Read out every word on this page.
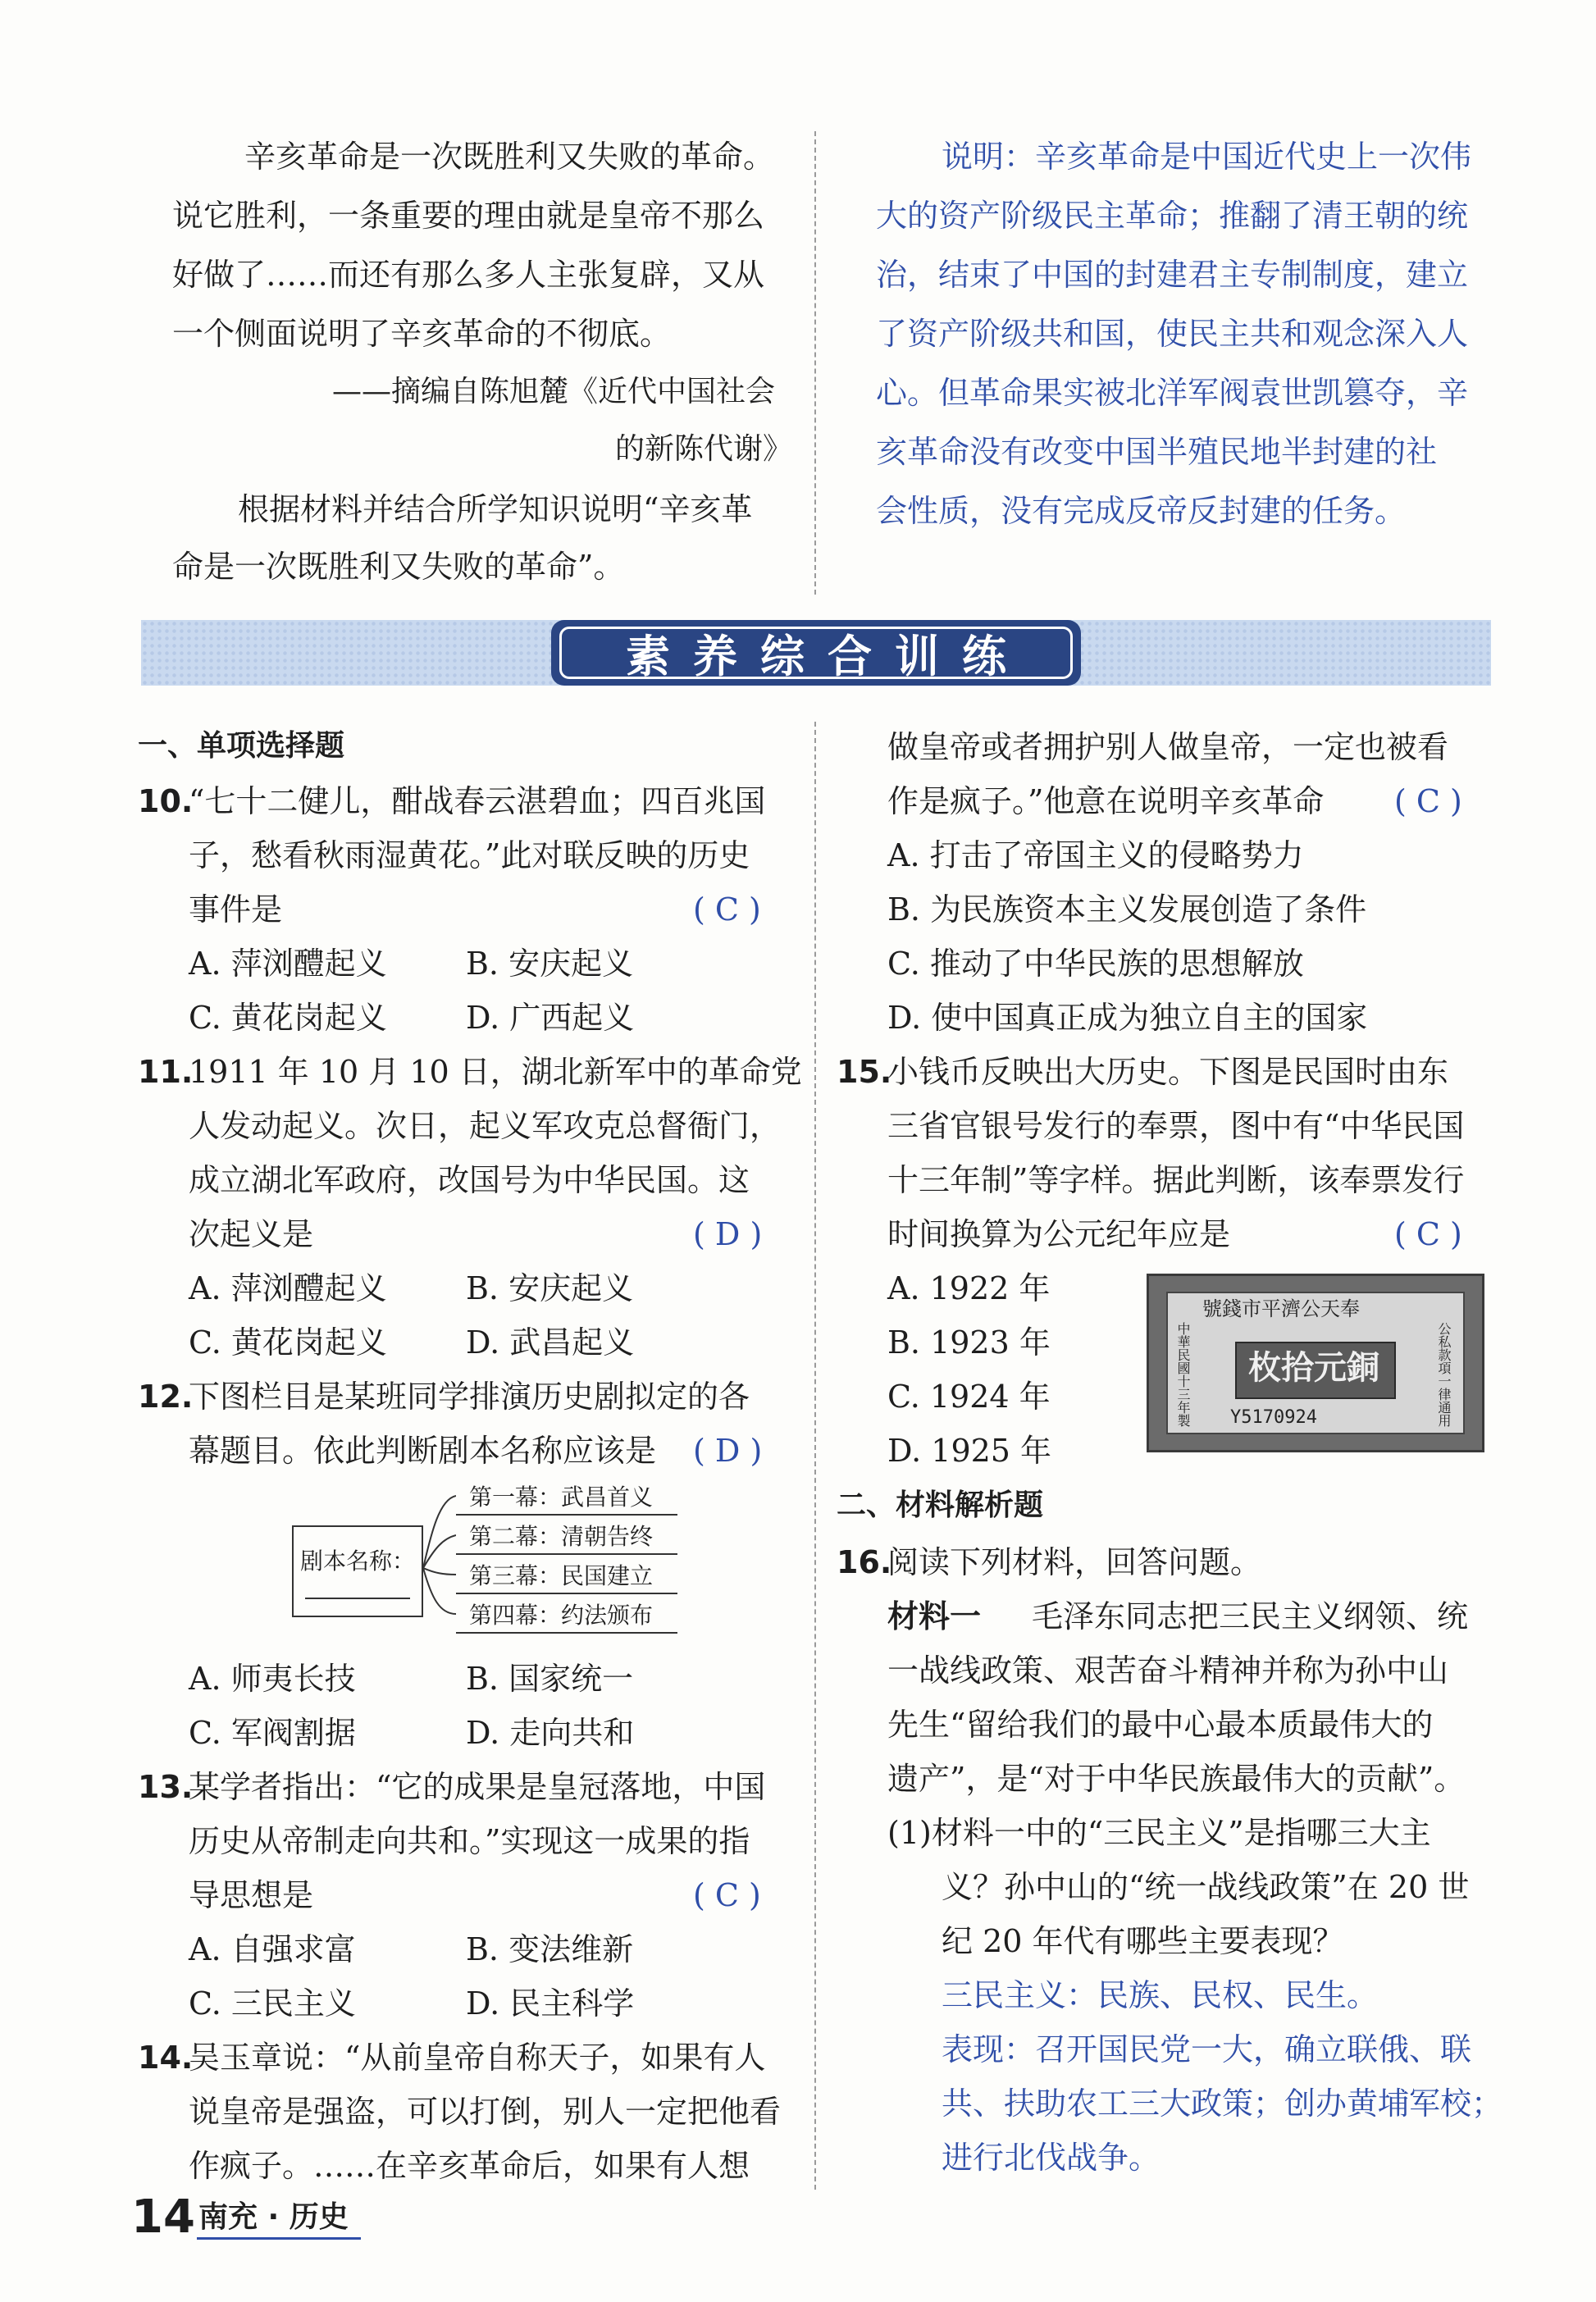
辛亥革命是一次既胜利又失败的革命。
说它胜利，一条重要的理由就是皇帝不那么
好做了……而还有那么多人主张复辟，又从
一个侧面说明了辛亥革命的不彻底。
——摘编自陈旭麓《近代中国社会
的新陈代谢》
根据材料并结合所学知识说明“辛亥革
命是一次既胜利又失败的革命”。
说明：辛亥革命是中国近代史上一次伟
大的资产阶级民主革命；推翻了清王朝的统
治，结束了中国的封建君主专制制度，建立
了资产阶级共和国，使民主共和观念深入人
心。但革命果实被北洋军阀袁世凯篡夺，辛
亥革命没有改变中国半殖民地半封建的社
会性质，没有完成反帝反封建的任务。
素养综合训练
一、单项选择题
10.
“七十二健儿，酣战春云湛碧血；四百兆国
子，愁看秋雨湿黄花。”此对联反映的历史
事件是	( C )
A. 萍浏醴起义	B. 安庆起义
C. 黄花岗起义	D. 广西起义
11.
1911 年 10 月 10 日，湖北新军中的革命党
人发动起义。次日，起义军攻克总督衙门，
成立湖北军政府，改国号为中华民国。这
次起义是	( D )
A. 萍浏醴起义	B. 安庆起义
C. 黄花岗起义	D. 武昌起义
12.
下图栏目是某班同学排演历史剧拟定的各
幕题目。依此判断剧本名称应该是 ( D )
剧本名称：
第一幕：武昌首义
第二幕：清朝告终
第三幕：民国建立
第四幕：约法颁布
A. 师夷长技	B. 国家统一
C. 军阀割据	D. 走向共和
13.
某学者指出：“它的成果是皇冠落地，中国
历史从帝制走向共和。”实现这一成果的指
导思想是	( C )
A. 自强求富	B. 变法维新
C. 三民主义	D. 民主科学
14.
吴玉章说：“从前皇帝自称天子，如果有人
说皇帝是强盗，可以打倒，别人一定把他看
作疯子。……在辛亥革命后，如果有人想
做皇帝或者拥护别人做皇帝，一定也被看
作是疯子。”他意在说明辛亥革命 ( C )
A. 打击了帝国主义的侵略势力
B. 为民族资本主义发展创造了条件
C. 推动了中华民族的思想解放
D. 使中国真正成为独立自主的国家
15.
小钱币反映出大历史。下图是民国时由东
三省官银号发行的奉票，图中有“中华民国
十三年制”等字样。据此判断，该奉票发行
时间换算为公元纪年应是	( C )
A. 1922 年
B. 1923 年
C. 1924 年
D. 1925 年
號錢市平濟公天奉
枚拾元銅
中華民國十三年製	公私款項一律通用
Y5170924
二、材料解析题
16.
阅读下列材料，回答问题。
材料一 毛泽东同志把三民主义纲领、统
一战线政策、艰苦奋斗精神并称为孙中山
先生“留给我们的最中心最本质最伟大的
遗产”，是“对于中华民族最伟大的贡献”。
(1)材料一中的“三民主义”是指哪三大主
义？孙中山的“统一战线政策”在 20 世
纪 20 年代有哪些主要表现？
三民主义：民族、民权、民生。
表现：召开国民党一大，确立联俄、联
共、扶助农工三大政策；创办黄埔军校；
进行北伐战争。
14 南充 · 历史
